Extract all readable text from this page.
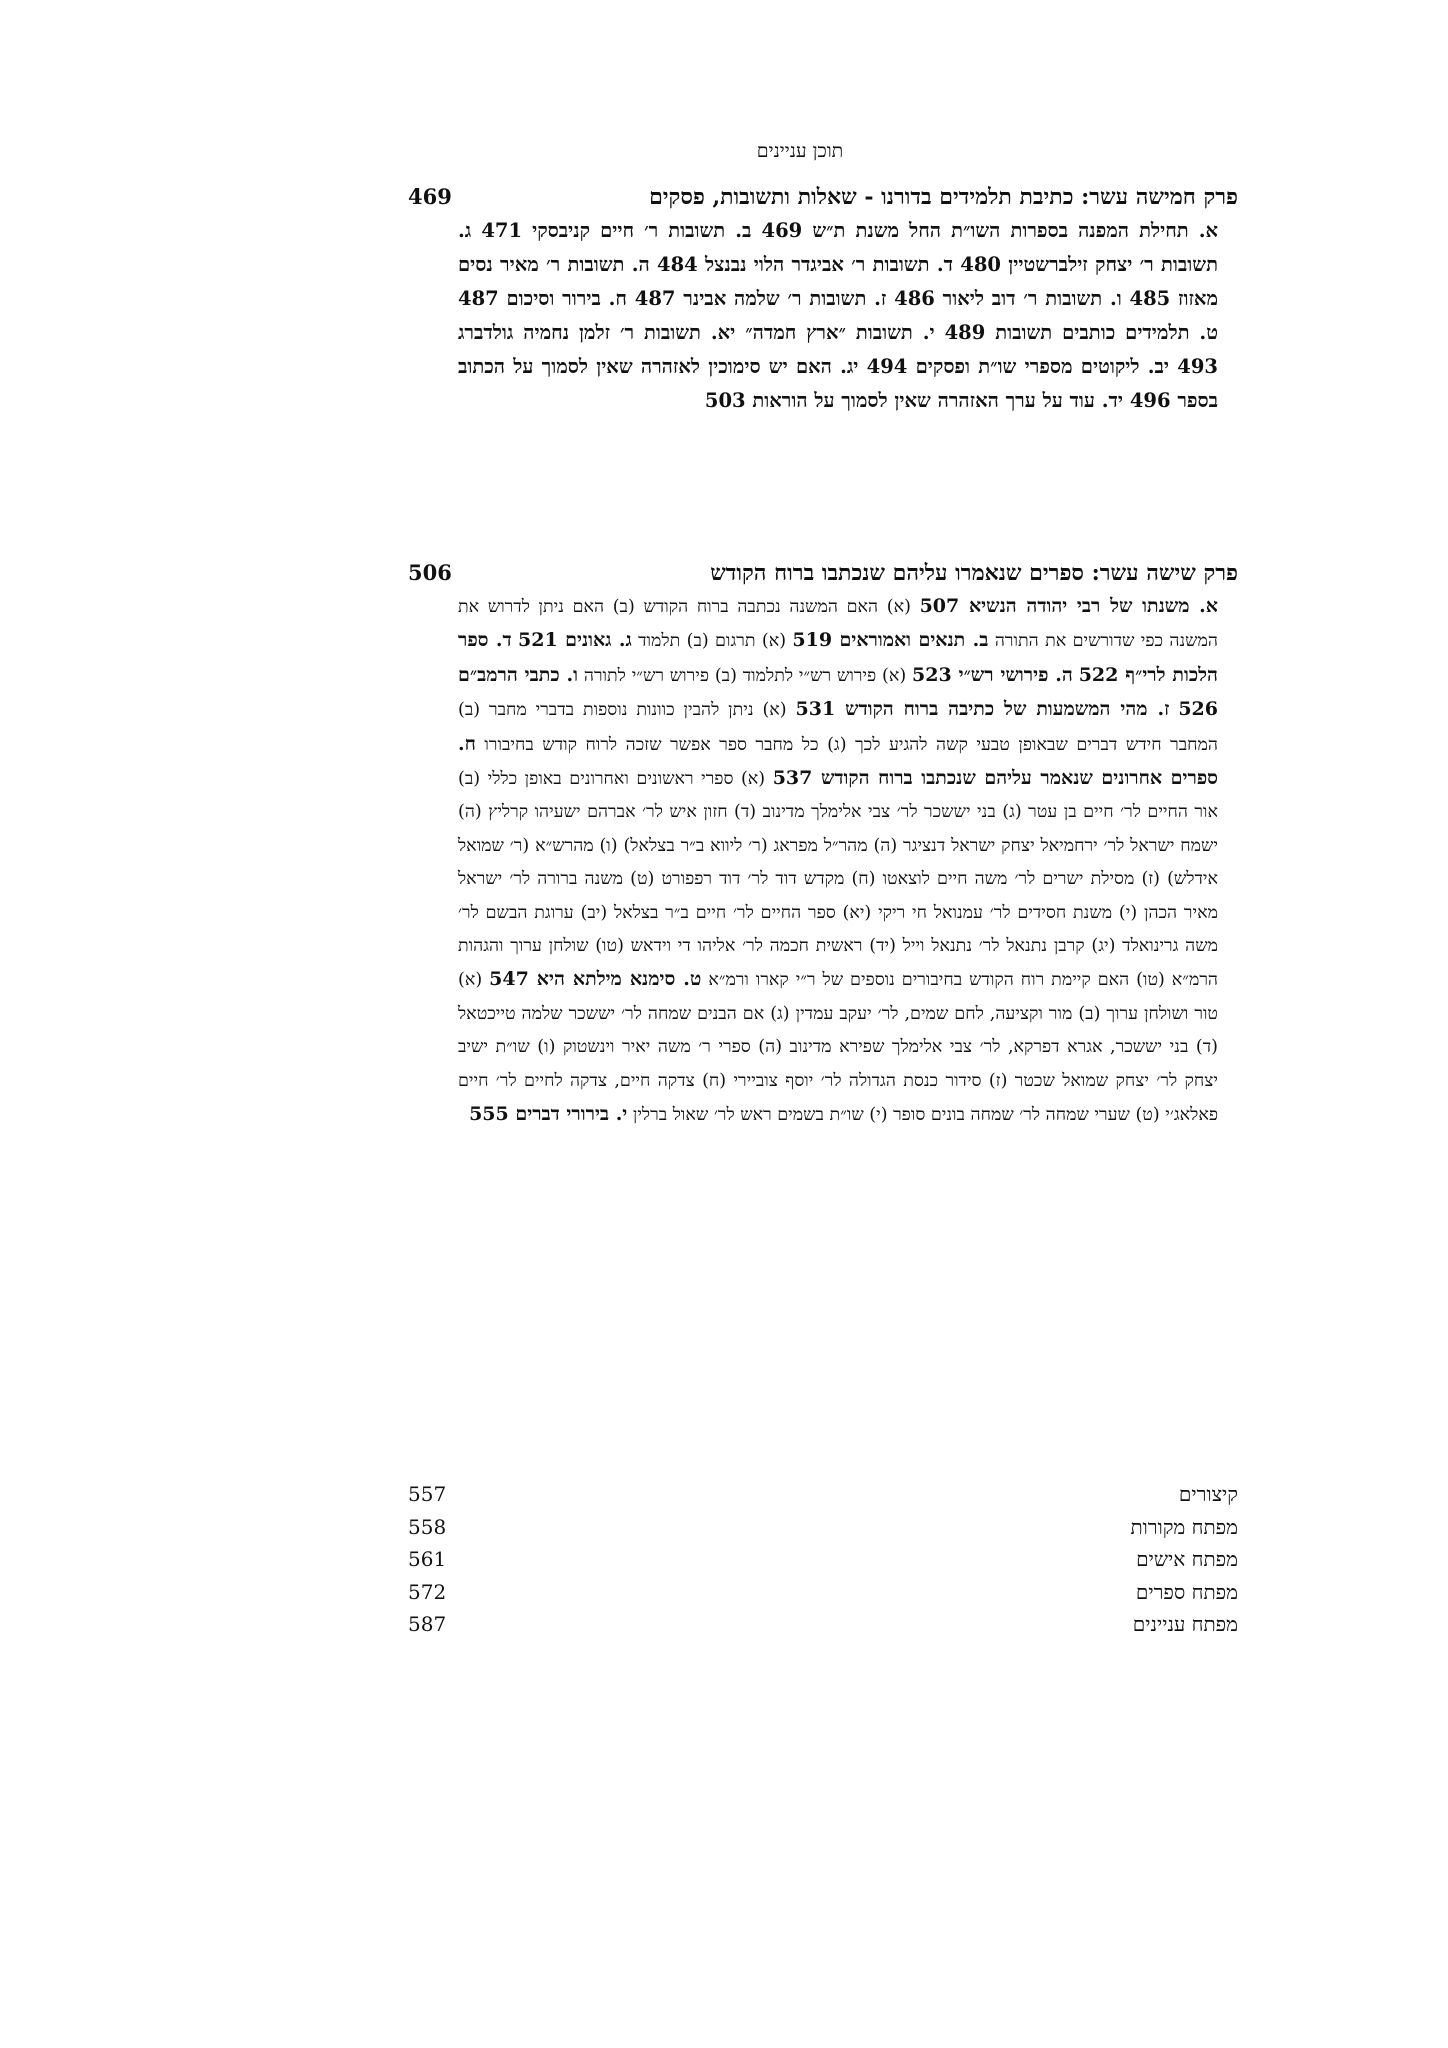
תוכן עניינים
פרק חמישה עשר: כתיבת תלמידים בדורנו - שאלות ותשובות, פסקים
469
א. תחילת המפנה בספרות השו״ת החל משנת ת״ש 469 ב. תשובות ר׳ חיים קניבסקי 471 ג. תשובות ר׳ יצחק זילברשטיין 480 ד. תשובות ר׳ אביגדר הלוי נבנצל 484 ה. תשובות ר׳ מאיר נסים מאזוז 485 ו. תשובות ר׳ דוב ליאור 486 ז. תשובות ר׳ שלמה אבינר 487 ח. בירור וסיכום 487 ט. תלמידים כותבים תשובות 489 י. תשובות ״ארץ חמדה״ יא. תשובות ר׳ זלמן נחמיה גולדברג 493 יב. ליקוטים מספרי שו״ת ופסקים 494 יג. האם יש סימוכין לאזהרה שאין לסמוך על הכתוב בספר 496 יד. עוד על ערך האזהרה שאין לסמוך על הוראות 503
פרק שישה עשר: ספרים שנאמרו עליהם שנכתבו ברוח הקודש
506
א. משנתו של רבי יהודה הנשיא 507 (א) האם המשנה נכתבה ברוח הקודש (ב) האם ניתן לדרוש את המשנה כפי שדורשים את התורה ב. תנאים ואמוראים 519 (א) תרגום (ב) תלמוד ג. גאונים 521 ד. ספר הלכות לרי״ף 522 ה. פירושי רש״י 523 (א) פירוש רש״י לתלמוד (ב) פירוש רש״י לתורה ו. כתבי הרמב״ם 526 ז. מהי המשמעות של כתיבה ברוח הקודש 531 (א) ניתן להבין כוונות נוספות בדברי מחבר (ב) המחבר חידש דברים שבאופן טבעי קשה להגיע לכך (ג) כל מחבר ספר אפשר שזכה לרוח קודש בחיבורו ח. ספרים אחרונים שנאמר עליהם שנכתבו ברוח הקודש 537 (א) ספרי ראשונים ואחרונים באופן כללי (ב) אור החיים לר׳ חיים בן עטר (ג) בני יששכר לר׳ צבי אלימלך מדינוב (ד) חזון איש לר׳ אברהם ישעיהו קרליץ (ה) ישמח ישראל לר׳ ירחמיאל יצחק ישראל דנציגר (ה) מהר״ל מפראג (ר׳ ליווא ב״ר בצלאל) (ו) מהרש״א (ר׳ שמואל אידלש) (ז) מסילת ישרים לר׳ משה חיים לוצאטו (ח) מקדש דוד לר׳ דוד רפפורט (ט) משנה ברורה לר׳ ישראל מאיר הכהן (י) משנת חסידים לר׳ עמנואל חי ריקי (יא) ספר החיים לר׳ חיים ב״ר בצלאל (יב) ערוגת הבשם לר׳ משה גרינואלד (יג) קרבן נתנאל לר׳ נתנאל וייל (יד) ראשית חכמה לר׳ אליהו די וידאש (טו) שולחן ערוך והגהות הרמ״א (טו) האם קיימת רוח הקודש בחיבורים נוספים של ר״י קארו ורמ״א ט. סימנא מילתא היא 547 (א) טור ושולחן ערוך (ב) מור וקציעה, לחם שמים, לר׳ יעקב עמדין (ג) אם הבנים שמחה לר׳ יששכר שלמה טייכטאל (ד) בני יששכר, אגרא דפרקא, לר׳ צבי אלימלך שפירא מדינוב (ה) ספרי ר׳ משה יאיר וינשטוק (ו) שו״ת ישיב יצחק לר׳ יצחק שמואל שכטר (ז) סידור כנסת הגדולה לר׳ יוסף צוביירי (ח) צדקה חיים, צדקה לחיים לר׳ חיים פאלאג׳י (ט) שערי שמחה לר׳ שמחה בונים סופר (י) שו״ת בשמים ראש לר׳ שאול ברלין י. בירורי דברים 555
קיצורים
557
מפתח מקורות
558
מפתח אישים
561
מפתח ספרים
572
מפתח עניינים
587
